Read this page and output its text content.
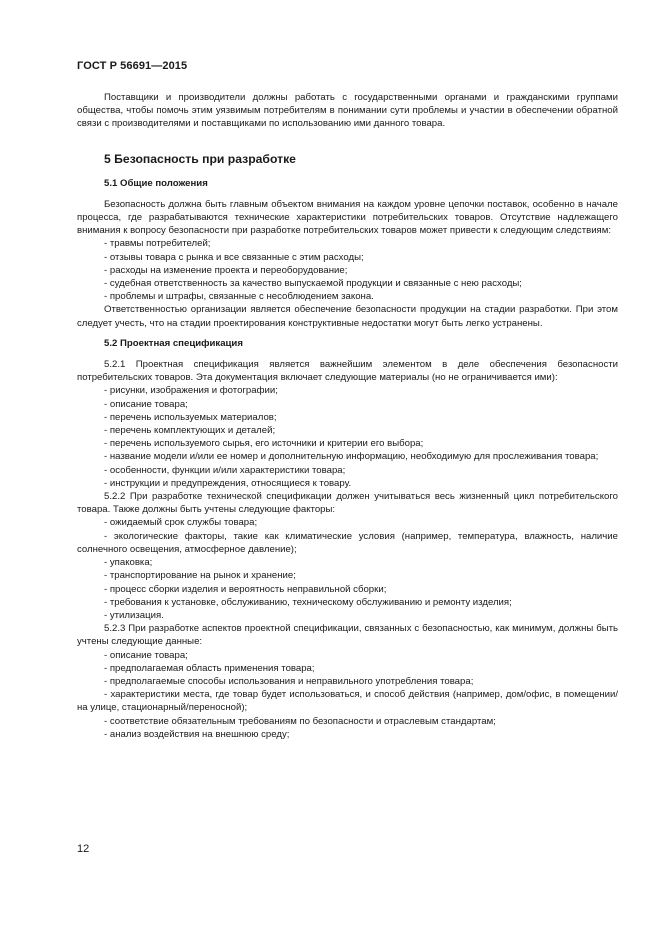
ГОСТ Р 56691—2015

Поставщики и производители должны работать с государственными органами и гражданскими группами общества, чтобы помочь этим уязвимым потребителям в понимании сути проблемы и участии в обеспечении обратной связи с производителями и поставщиками по использованию ими данного товара.

5 Безопасность при разработке

5.1 Общие положения

Безопасность должна быть главным объектом внимания на каждом уровне цепочки поставок, особенно в начале процесса, где разрабатываются технические характеристики потребительских товаров. Отсутствие надлежащего внимания к вопросу безопасности при разработке потребительских товаров может привести к следующим следствиям:

- травмы потребителей;

- отзывы товара с рынка и все связанные с этим расходы;

- расходы на изменение проекта и переоборудование;

- судебная ответственность за качество выпускаемой продукции и связанные с нею расходы;

- проблемы и штрафы, связанные с несоблюдением закона.

Ответственностью организации является обеспечение безопасности продукции на стадии разработки. При этом следует учесть, что на стадии проектирования конструктивные недостатки могут быть легко устранены.

5.2 Проектная спецификация

5.2.1 Проектная спецификация является важнейшим элементом в деле обеспечения безопасности потребительских товаров. Эта документация включает следующие материалы (но не ограничивается ими):

- рисунки, изображения и фотографии;

- описание товара;

- перечень используемых материалов;

- перечень комплектующих и деталей;

- перечень используемого сырья, его источники и критерии его выбора;

- название модели и/или ее номер и дополнительную информацию, необходимую для прослеживания товара;

- особенности, функции и/или характеристики товара;

- инструкции и предупреждения, относящиеся к товару.

5.2.2 При разработке технической спецификации должен учитываться весь жизненный цикл потребительского товара. Также должны быть учтены следующие факторы:

- ожидаемый срок службы товара;

- экологические факторы, такие как климатические условия (например, температура, влажность, наличие солнечного освещения, атмосферное давление);

- упаковка;

- транспортирование на рынок и хранение;

- процесс сборки изделия и вероятность неправильной сборки;

- требования к установке, обслуживанию, техническому обслуживанию и ремонту изделия;

- утилизация.

5.2.3 При разработке аспектов проектной спецификации, связанных с безопасностью, как минимум, должны быть учтены следующие данные:

- описание товара;

- предполагаемая область применения товара;

- предполагаемые способы использования и неправильного употребления товара;

- характеристики места, где товар будет использоваться, и способ действия (например, дом/офис, в помещении/на улице, стационарный/переносной);

- соответствие обязательным требованиям по безопасности и отраслевым стандартам;

- анализ воздействия на внешнюю среду;

12
